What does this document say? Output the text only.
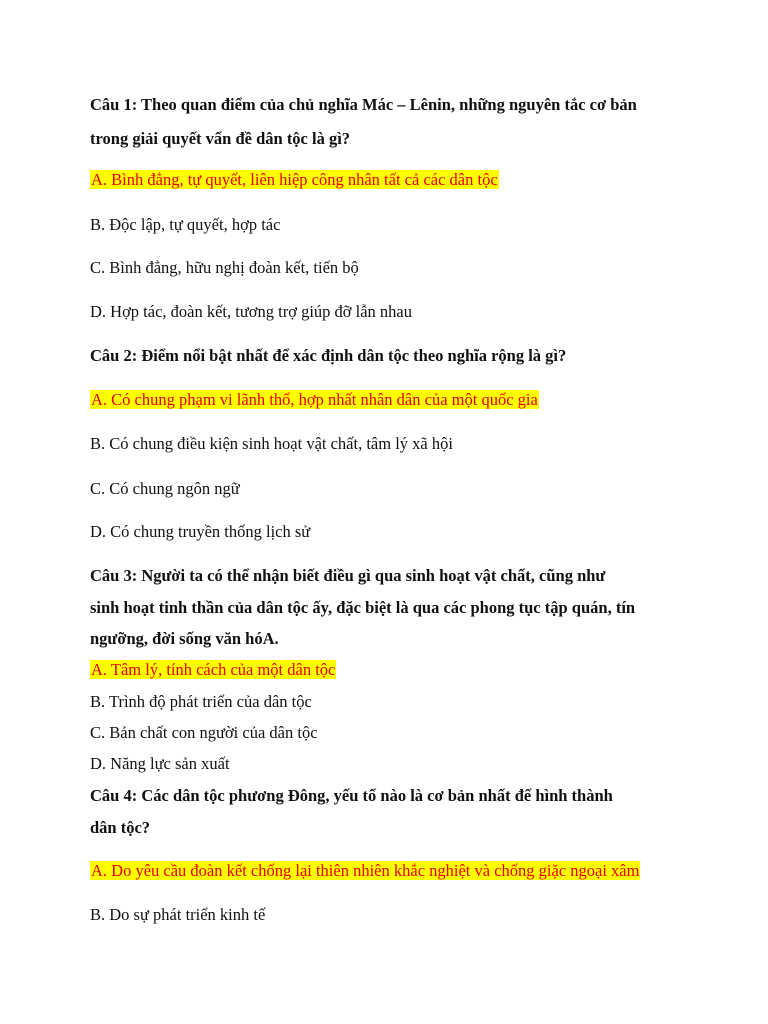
Câu 1: Theo quan điểm của chủ nghĩa Mác – Lênin, những nguyên tắc cơ bản
trong giải quyết vấn đề dân tộc là gì?
A. Bình đẳng, tự quyết, liên hiệp công nhân tất cả các dân tộc
B. Độc lập, tự quyết, hợp tác
C. Bình đẳng, hữu nghị đoàn kết, tiến bộ
D. Hợp tác, đoàn kết, tương trợ giúp đỡ lẫn nhau
Câu 2: Điểm nổi bật nhất để xác định dân tộc theo nghĩa rộng là gì?
A. Có chung phạm vi lãnh thổ, hợp nhất nhân dân của một quốc gia
B. Có chung điều kiện sinh hoạt vật chất, tâm lý xã hội
C. Có chung ngôn ngữ
D. Có chung truyền thống lịch sử
Câu 3: Người ta có thể nhận biết điều gì qua sinh hoạt vật chất, cũng như
sinh hoạt tinh thần của dân tộc ấy, đặc biệt là qua các phong tục tập quán, tín
ngưỡng, đời sống văn hóA.
A. Tâm lý, tính cách của một dân tộc
B. Trình độ phát triển của dân tộc
C. Bản chất con người của dân tộc
D. Năng lực sản xuất
Câu 4: Các dân tộc phương Đông, yếu tố nào là cơ bản nhất để hình thành
dân tộc?
A. Do yêu cầu đoàn kết chống lại thiên nhiên khắc nghiệt và chống giặc ngoại xâm
B. Do sự phát triển kinh tế
